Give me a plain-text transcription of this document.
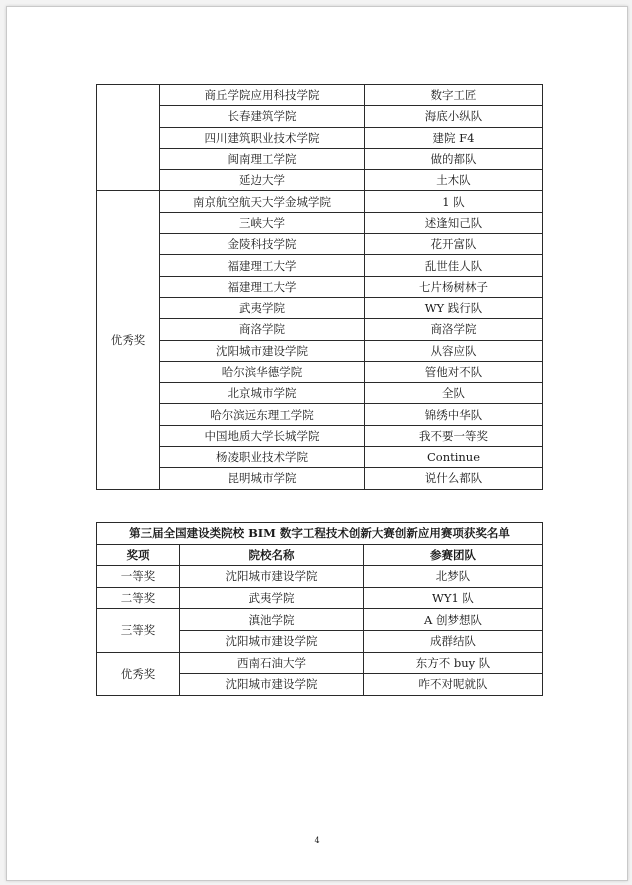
	商丘学院应用科技学院	数字工匠
	长春建筑学院	海底小纵队
	四川建筑职业技术学院	建院 F4
	闽南理工学院	做的都队
	延边大学	土木队
优秀奖	南京航空航天大学金城学院	1 队
	三峡大学	述逢知己队
	金陵科技学院	花开富队
	福建理工大学	乱世佳人队
	福建理工大学	七片杨树林子
	武夷学院	WY 践行队
	商洛学院	商洛学院
	沈阳城市建设学院	从容应队
	哈尔滨华德学院	管他对不队
	北京城市学院	全队
	哈尔滨远东理工学院	锦绣中华队
	中国地质大学长城学院	我不要一等奖
	杨凌职业技术学院	Continue
	昆明城市学院	说什么都队
第三届全国建设类院校 BIM 数字工程技术创新大赛创新应用赛项获奖名单		
奖项	院校名称	参赛团队
一等奖	沈阳城市建设学院	北梦队
二等奖	武夷学院	WY1 队
三等奖	滇池学院	A 创梦想队
	沈阳城市建设学院	成群结队
优秀奖	西南石油大学	东方不 buy 队
	沈阳城市建设学院	咋不对呢就队
4
